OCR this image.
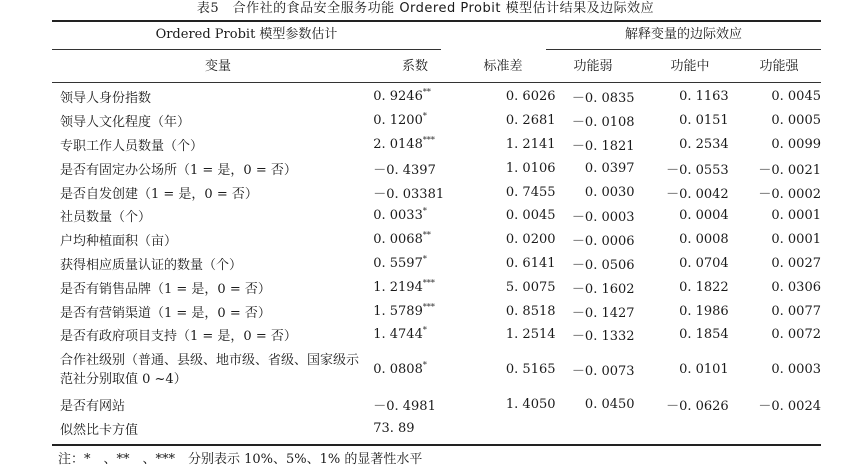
表5　合作社的食品安全服务功能 Ordered Probit 模型估计结果及边际效应
Ordered Probit 模型参数估计	解释变量的边际效应
变量	系数	标准差	功能弱	功能中	功能强
领导人身份指数	0. 9246**	0. 6026	－0. 0835	0. 1163	0. 0045
领导人文化程度（年）	0. 1200*	0. 2681	－0. 0108	0. 0151	0. 0005
专职工作人员数量（个）	2. 0148***	1. 2141	－0. 1821	0. 2534	0. 0099
是否有固定办公场所（1 = 是，0 = 否）	－0. 4397	1. 0106	0. 0397	－0. 0553	－0. 0021
是否自发创建（1 = 是，0 = 否）	－0. 03381	0. 7455	0. 0030	－0. 0042	－0. 0002
社员数量（个）	0. 0033*	0. 0045	－0. 0003	0. 0004	0. 0001
户均种植面积（亩）	0. 0068**	0. 0200	－0. 0006	0. 0008	0. 0001
获得相应质量认证的数量（个）	0. 5597*	0. 6141	－0. 0506	0. 0704	0. 0027
是否有销售品牌（1 = 是，0 = 否）	1. 2194***	5. 0075	－0. 1602	0. 1822	0. 0306
是否有营销渠道（1 = 是，0 = 否）	1. 5789***	0. 8518	－0. 1427	0. 1986	0. 0077
是否有政府项目支持（1 = 是，0 = 否）	1. 4744*	1. 2514	－0. 1332	0. 1854	0. 0072

合作社级别（普通、县级、地市级、省级、国家级示范社分别取值 0 ~4）	0. 0808*	0. 5165	－0. 0073	0. 0101	0. 0003
是否有网站	－0. 4981	1. 4050	0. 0450	－0. 0626	－0. 0024
似然比卡方值	73. 89				
注：*　、**　、***　分别表示 10%、5%、1% 的显著性水平
